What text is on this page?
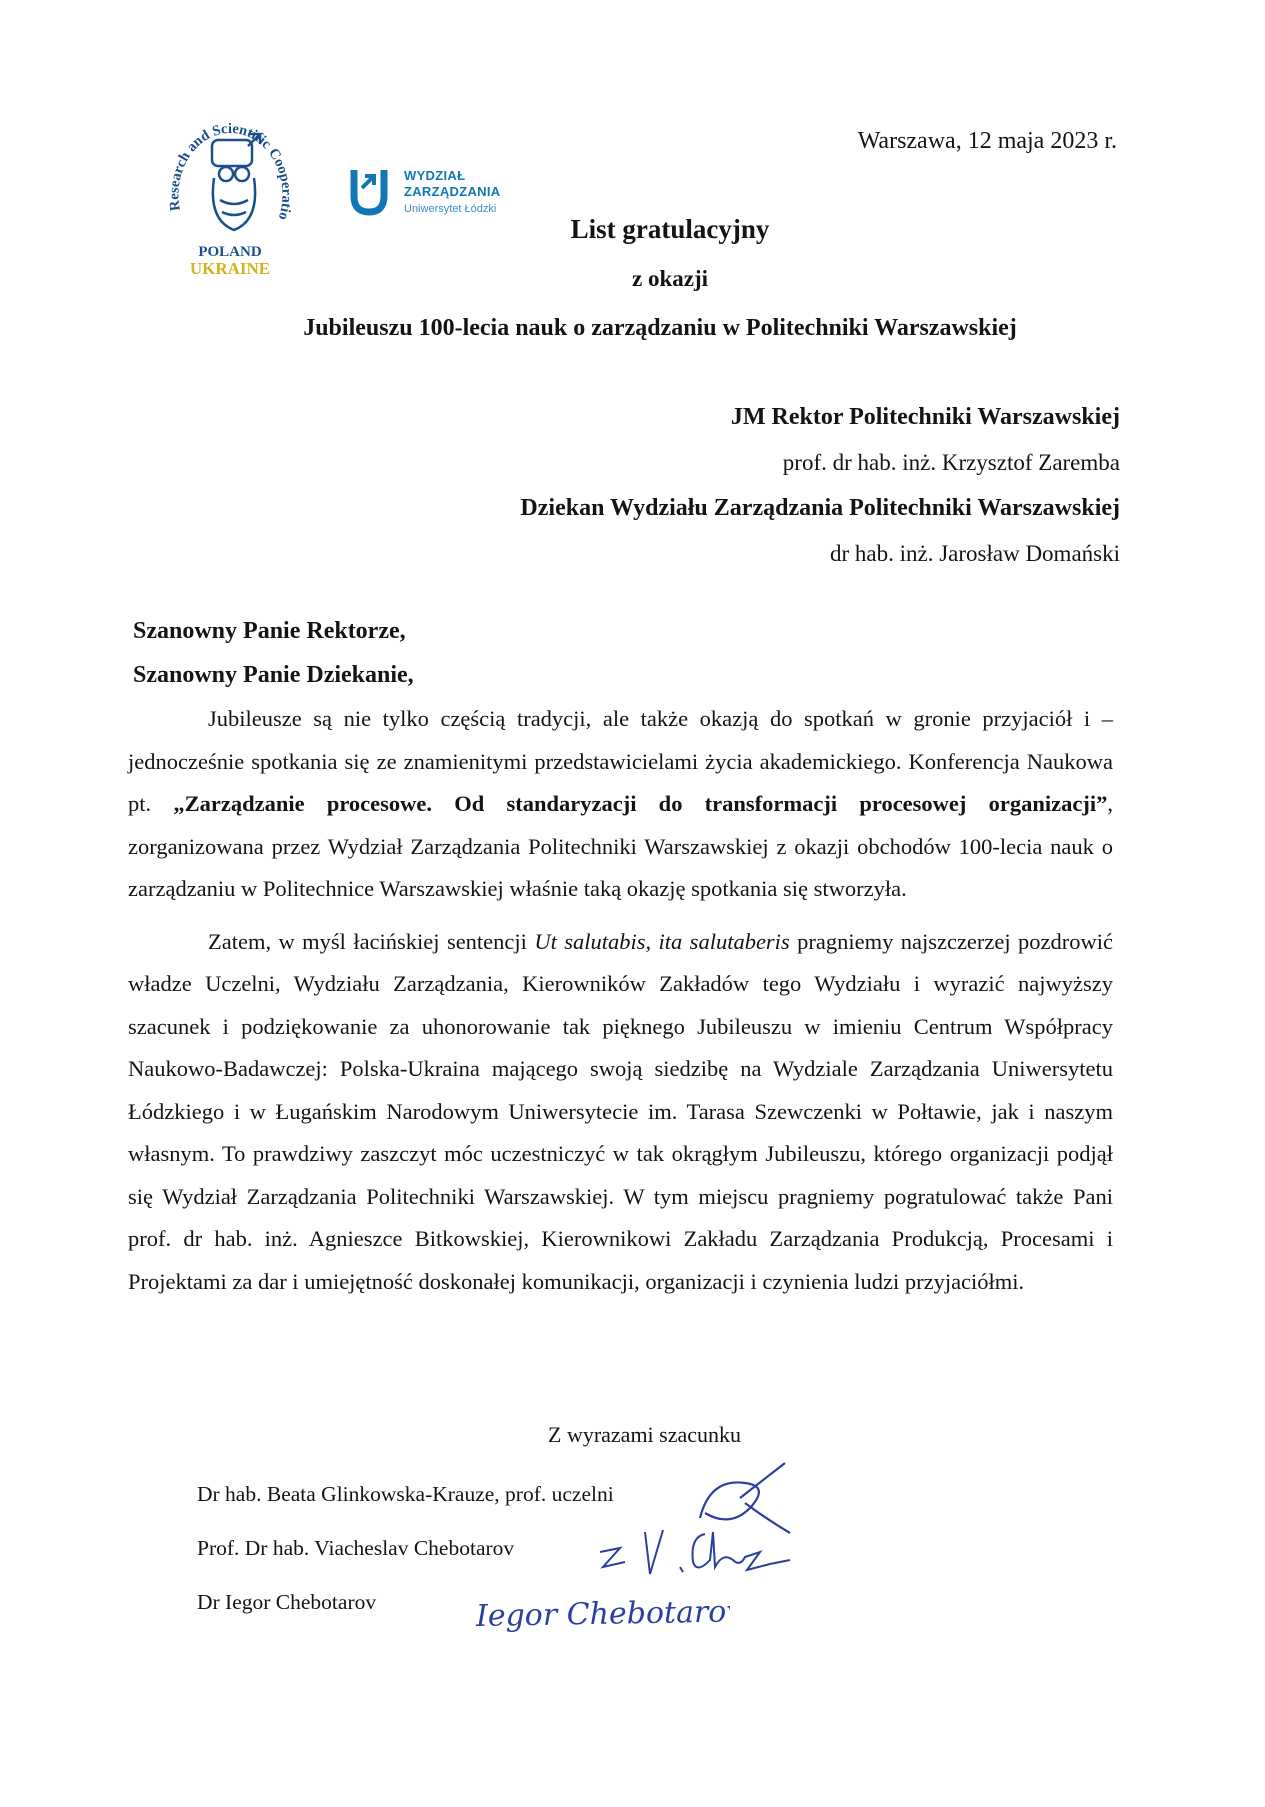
Research and Scientific Cooperatio
POLAND
UKRAINE
WYDZIAŁ
ZARZĄDZANIA
Uniwersytet Łódzki
Warszawa, 12 maja 2023 r.
List gratulacyjny
z okazji
Jubileuszu 100-lecia nauk o zarządzaniu w Politechniki Warszawskiej
JM Rektor Politechniki Warszawskiej
prof. dr hab. inż. Krzysztof Zaremba
Dziekan Wydziału Zarządzania Politechniki Warszawskiej
dr hab. inż. Jarosław Domański
Szanowny Panie Rektorze,
Szanowny Panie Dziekanie,

Jubileusze są nie tylko częścią tradycji, ale także okazją do spotkań w gronie przyjaciół i – jednocześnie spotkania się ze znamienitymi przedstawicielami życia akademickiego. Konferencja Naukowa pt. „Zarządzanie procesowe. Od standaryzacji do transformacji procesowej organizacji”, zorganizowana przez Wydział Zarządzania Politechniki Warszawskiej z okazji obchodów 100-lecia nauk o zarządzaniu w Politechnice Warszawskiej właśnie taką okazję spotkania się stworzyła.

Zatem, w myśl łacińskiej sentencji Ut salutabis, ita salutaberis pragniemy najszczerzej pozdrowić władze Uczelni, Wydziału Zarządzania, Kierowników Zakładów tego Wydziału i wyrazić najwyższy szacunek i podziękowanie za uhonorowanie tak pięknego Jubileuszu w imieniu Centrum Współpracy Naukowo-Badawczej: Polska-Ukraina mającego swoją siedzibę na Wydziale Zarządzania Uniwersytetu Łódzkiego i w Ługańskim Narodowym Uniwersytecie im. Tarasa Szewczenki w Połtawie, jak i naszym własnym. To prawdziwy zaszczyt móc uczestniczyć w tak okrągłym Jubileuszu, którego organizacji podjął się Wydział Zarządzania Politechniki Warszawskiej. W tym miejscu pragniemy pogratulować także Pani prof. dr hab. inż. Agnieszce Bitkowskiej, Kierownikowi Zakładu Zarządzania Produkcją, Procesami i Projektami za dar i umiejętność doskonałej komunikacji, organizacji i czynienia ludzi przyjaciółmi.

Z wyrazami szacunku
Dr hab. Beata Glinkowska-Krauze, prof. uczelni
Prof. Dr hab. Viacheslav Chebotarov
Dr Iegor Chebotarov	Iegor Chebotarov
